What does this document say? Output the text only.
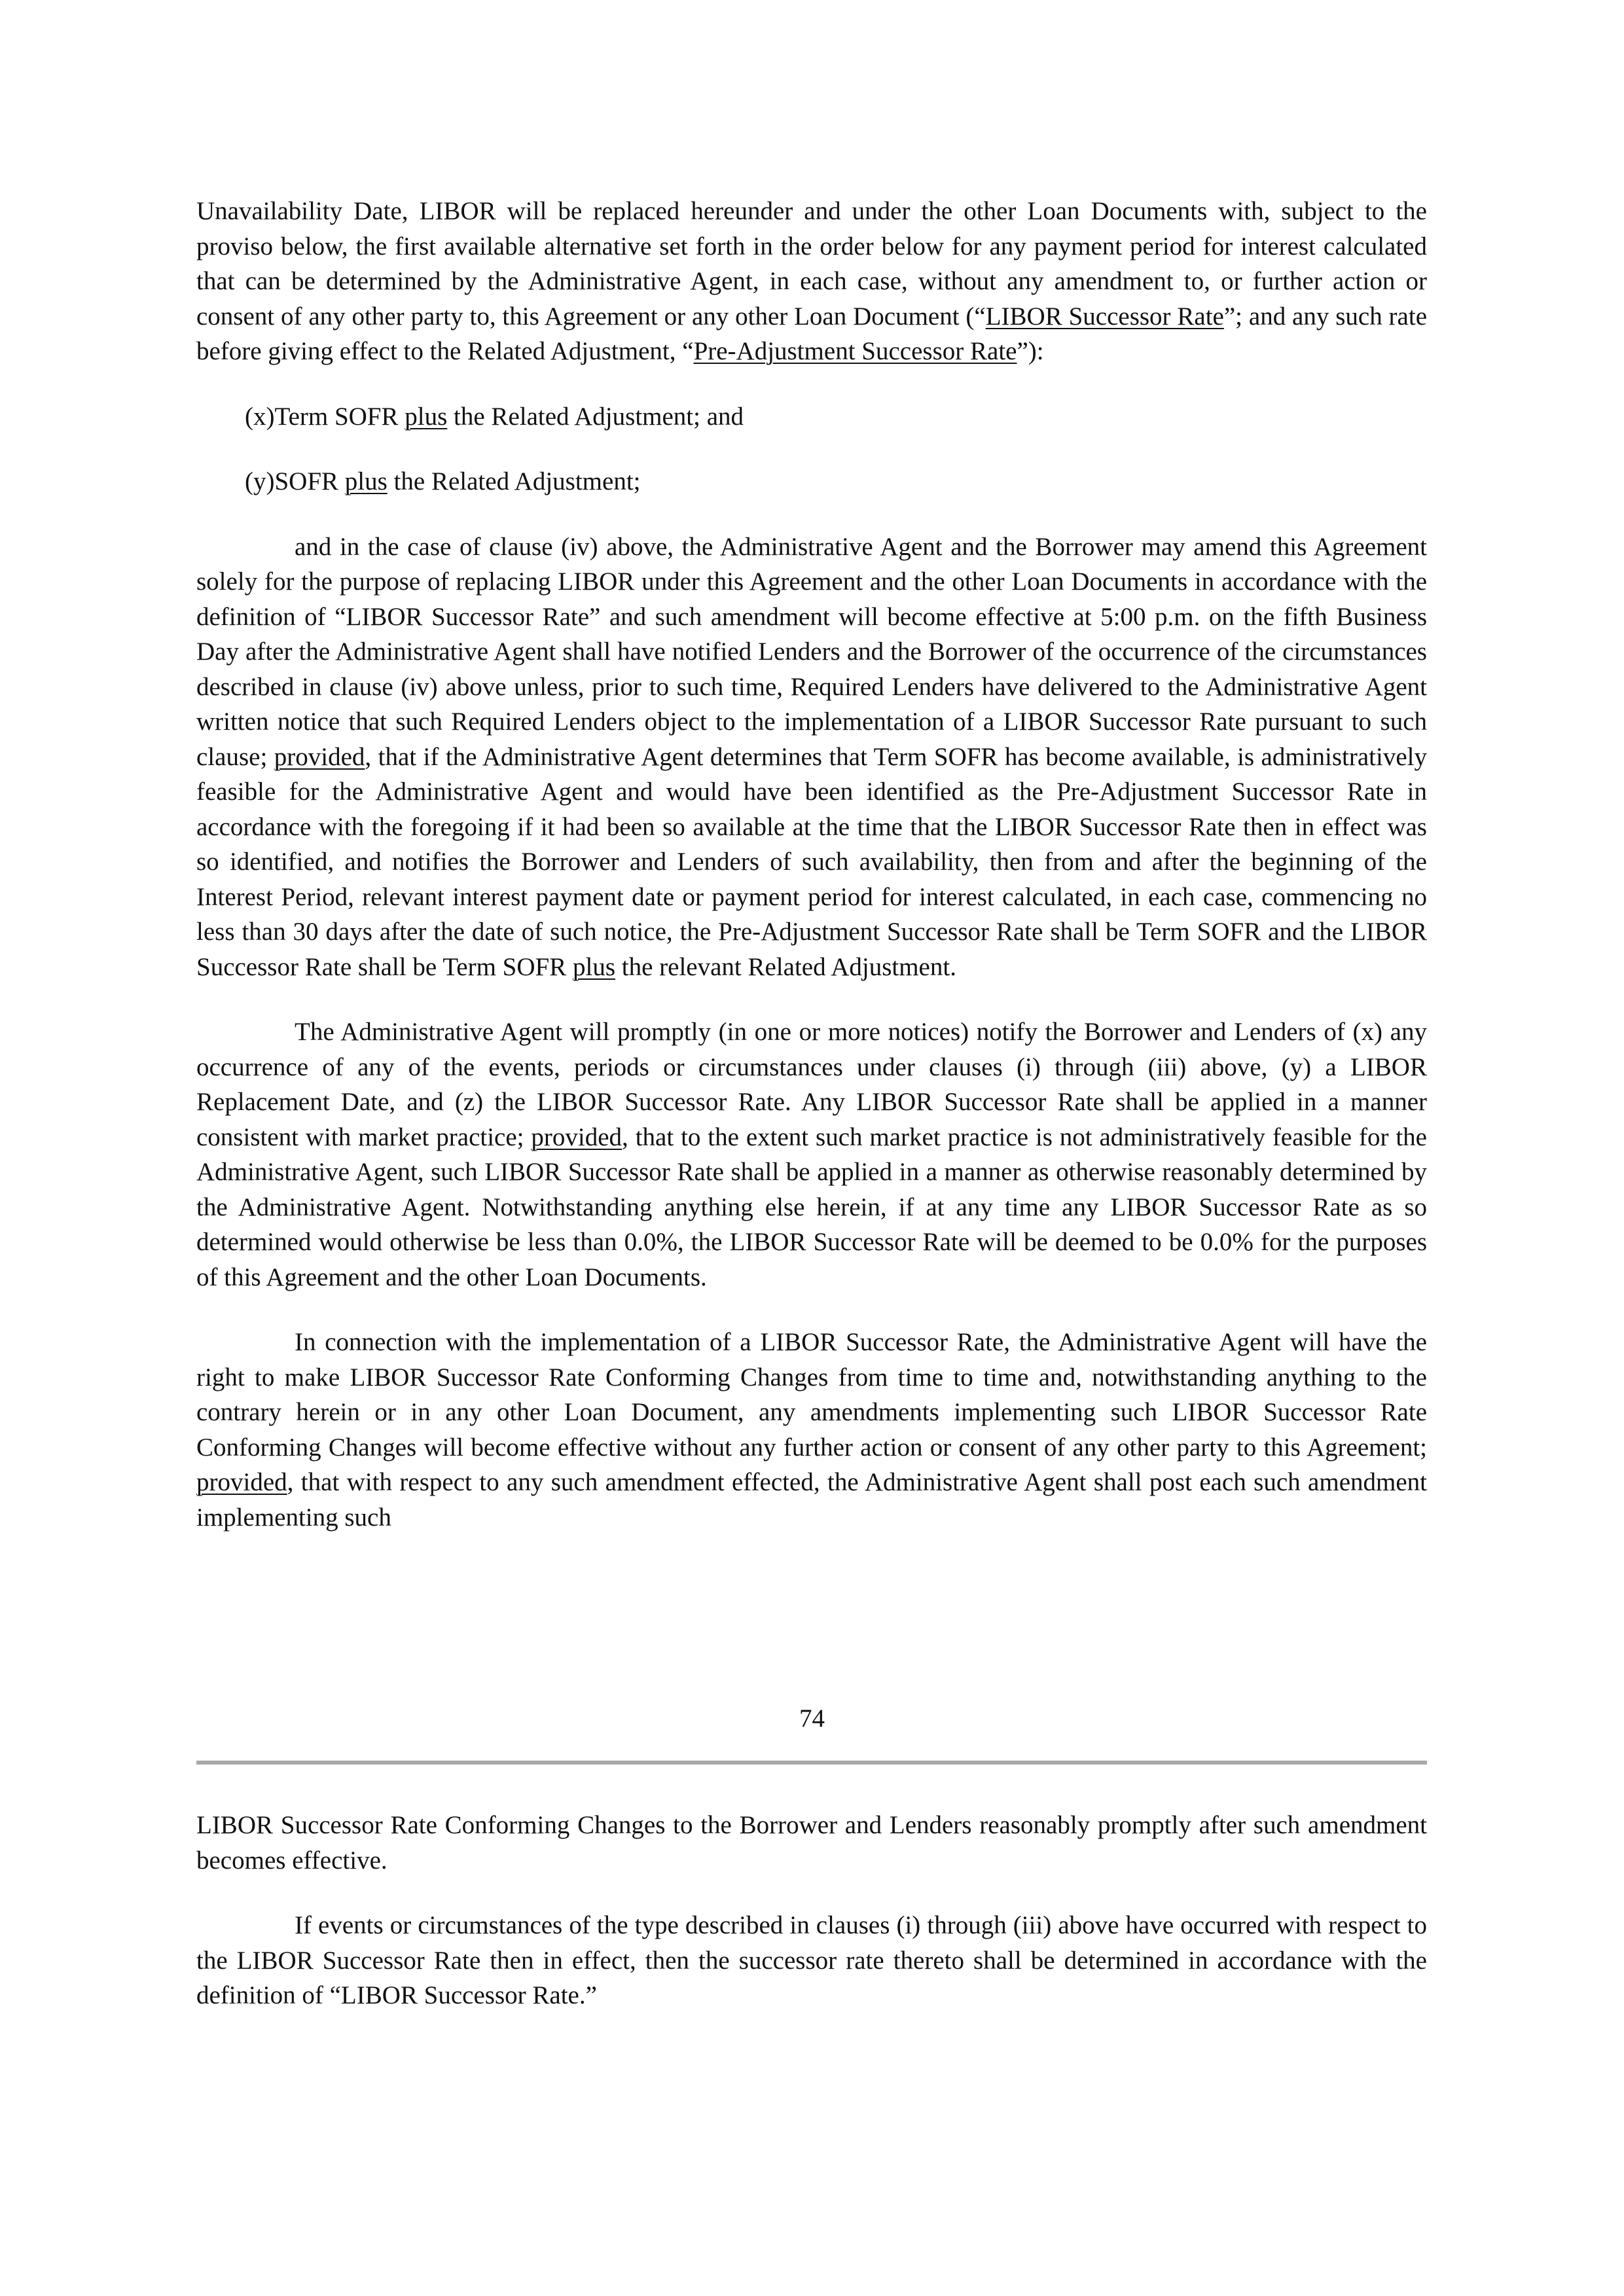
Unavailability Date, LIBOR will be replaced hereunder and under the other Loan Documents with, subject to the proviso below, the first available alternative set forth in the order below for any payment period for interest calculated that can be determined by the Administrative Agent, in each case, without any amendment to, or further action or consent of any other party to, this Agreement or any other Loan Document (“LIBOR Successor Rate”; and any such rate before giving effect to the Related Adjustment, “Pre-Adjustment Successor Rate”):

(x)Term SOFR plus the Related Adjustment; and

(y)SOFR plus the Related Adjustment;

and in the case of clause (iv) above, the Administrative Agent and the Borrower may amend this Agreement solely for the purpose of replacing LIBOR under this Agreement and the other Loan Documents in accordance with the definition of “LIBOR Successor Rate” and such amendment will become effective at 5:00 p.m. on the fifth Business Day after the Administrative Agent shall have notified Lenders and the Borrower of the occurrence of the circumstances described in clause (iv) above unless, prior to such time, Required Lenders have delivered to the Administrative Agent written notice that such Required Lenders object to the implementation of a LIBOR Successor Rate pursuant to such clause; provided, that if the Administrative Agent determines that Term SOFR has become available, is administratively feasible for the Administrative Agent and would have been identified as the Pre-Adjustment Successor Rate in accordance with the foregoing if it had been so available at the time that the LIBOR Successor Rate then in effect was so identified, and notifies the Borrower and Lenders of such availability, then from and after the beginning of the Interest Period, relevant interest payment date or payment period for interest calculated, in each case, commencing no less than 30 days after the date of such notice, the Pre-Adjustment Successor Rate shall be Term SOFR and the LIBOR Successor Rate shall be Term SOFR plus the relevant Related Adjustment.

The Administrative Agent will promptly (in one or more notices) notify the Borrower and Lenders of (x) any occurrence of any of the events, periods or circumstances under clauses (i) through (iii) above, (y) a LIBOR Replacement Date, and (z) the LIBOR Successor Rate. Any LIBOR Successor Rate shall be applied in a manner consistent with market practice; provided, that to the extent such market practice is not administratively feasible for the Administrative Agent, such LIBOR Successor Rate shall be applied in a manner as otherwise reasonably determined by the Administrative Agent. Notwithstanding anything else herein, if at any time any LIBOR Successor Rate as so determined would otherwise be less than 0.0%, the LIBOR Successor Rate will be deemed to be 0.0% for the purposes of this Agreement and the other Loan Documents.

In connection with the implementation of a LIBOR Successor Rate, the Administrative Agent will have the right to make LIBOR Successor Rate Conforming Changes from time to time and, notwithstanding anything to the contrary herein or in any other Loan Document, any amendments implementing such LIBOR Successor Rate Conforming Changes will become effective without any further action or consent of any other party to this Agreement; provided, that with respect to any such amendment effected, the Administrative Agent shall post each such amendment implementing such

74

LIBOR Successor Rate Conforming Changes to the Borrower and Lenders reasonably promptly after such amendment becomes effective.

If events or circumstances of the type described in clauses (i) through (iii) above have occurred with respect to the LIBOR Successor Rate then in effect, then the successor rate thereto shall be determined in accordance with the definition of “LIBOR Successor Rate.”
